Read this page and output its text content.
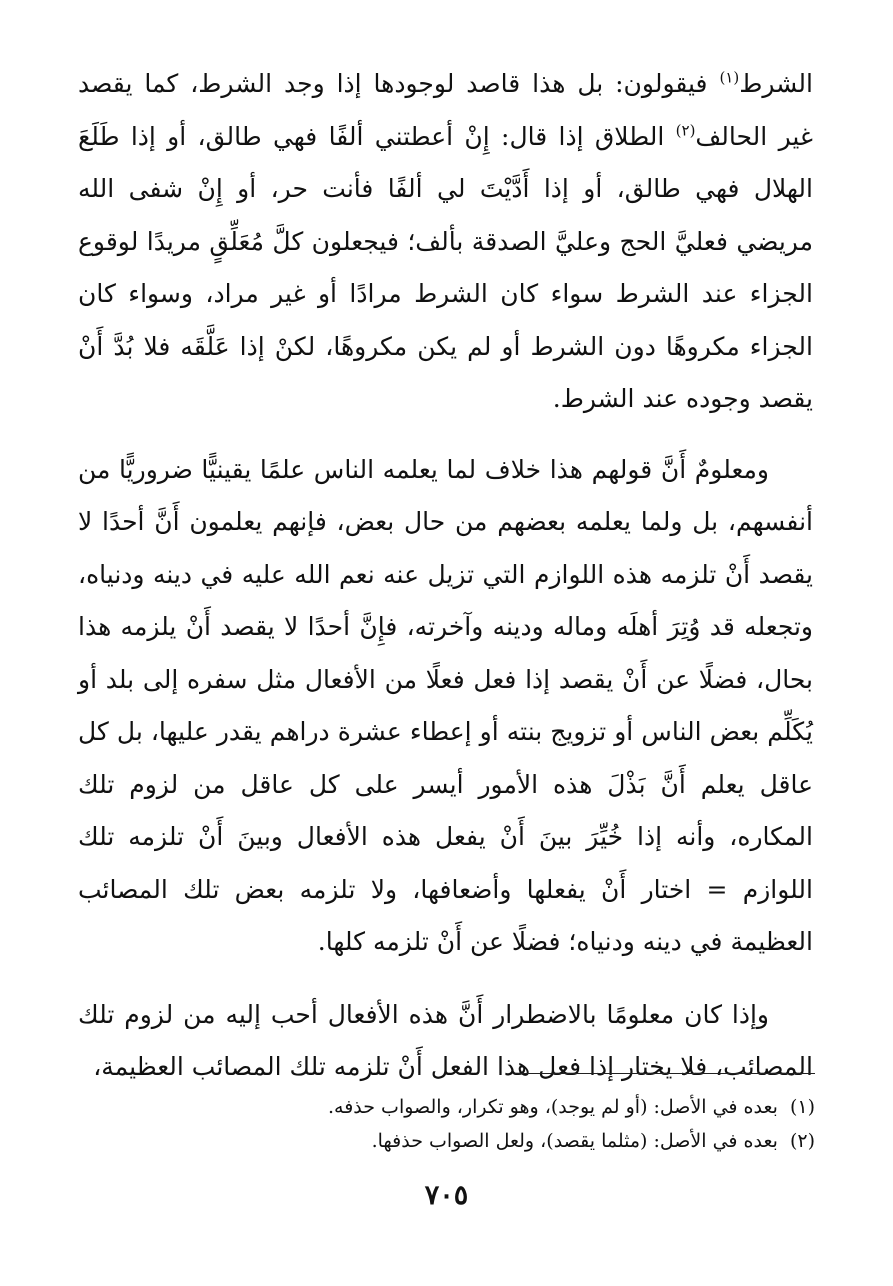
الشرط$^{(١)}$ فيقولون: بل هذا قاصد لوجودها إذا وجد الشرط، كما يقصد غير الحالف$^{(٢)}$ الطلاق إذا قال: إِنْ أعطتني ألفًا فهي طالق، أو إذا طَلَعَ الهلال فهي طالق، أو إذا أَدَّيْتَ لي ألفًا فأنت حر، أو إِنْ شفى الله مريضي فعليَّ الحج وعليَّ الصدقة بألف؛ فيجعلون كلَّ مُعَلِّقٍ مريدًا لوقوع الجزاء عند الشرط سواء كان الشرط مرادًا أو غير مراد، وسواء كان الجزاء مكروهًا دون الشرط أو لم يكن مكروهًا، لكنْ إذا عَلَّقَه فلا بُدَّ أَنْ يقصد وجوده عند الشرط.

ومعلومٌ أَنَّ قولهم هذا خلاف لما يعلمه الناس علمًا يقينيًّا ضروريًّا من أنفسهم، بل ولما يعلمه بعضهم من حال بعض، فإنهم يعلمون أَنَّ أحدًا لا يقصد أَنْ تلزمه هذه اللوازم التي تزيل عنه نعم الله عليه في دينه ودنياه، وتجعله قد وُتِرَ أهلَه وماله ودينه وآخرته، فإِنَّ أحدًا لا يقصد أَنْ يلزمه هذا بحال، فضلًا عن أَنْ يقصد إذا فعل فعلًا من الأفعال مثل سفره إلى بلد أو يُكَلِّم بعض الناس أو تزويج بنته أو إعطاء عشرة دراهم يقدر عليها، بل كل عاقل يعلم أَنَّ بَذْلَ هذه الأمور أيسر على كل عاقل من لزوم تلك المكاره، وأنه إذا خُيِّرَ بينَ أَنْ يفعل هذه الأفعال وبينَ أَنْ تلزمه تلك اللوازم = اختار أَنْ يفعلها وأضعافها، ولا تلزمه بعض تلك المصائب العظيمة في دينه ودنياه؛ فضلًا عن أَنْ تلزمه كلها.

وإذا كان معلومًا بالاضطرار أَنَّ هذه الأفعال أحب إليه من لزوم تلك المصائب، فلا يختار إذا فعل هذا الفعل أَنْ تلزمه تلك المصائب العظيمة،

(١)بعده في الأصل: (أو لم يوجد)، وهو تكرار، والصواب حذفه.

(٢)بعده في الأصل: (مثلما يقصد)، ولعل الصواب حذفها.

٧٠٥
